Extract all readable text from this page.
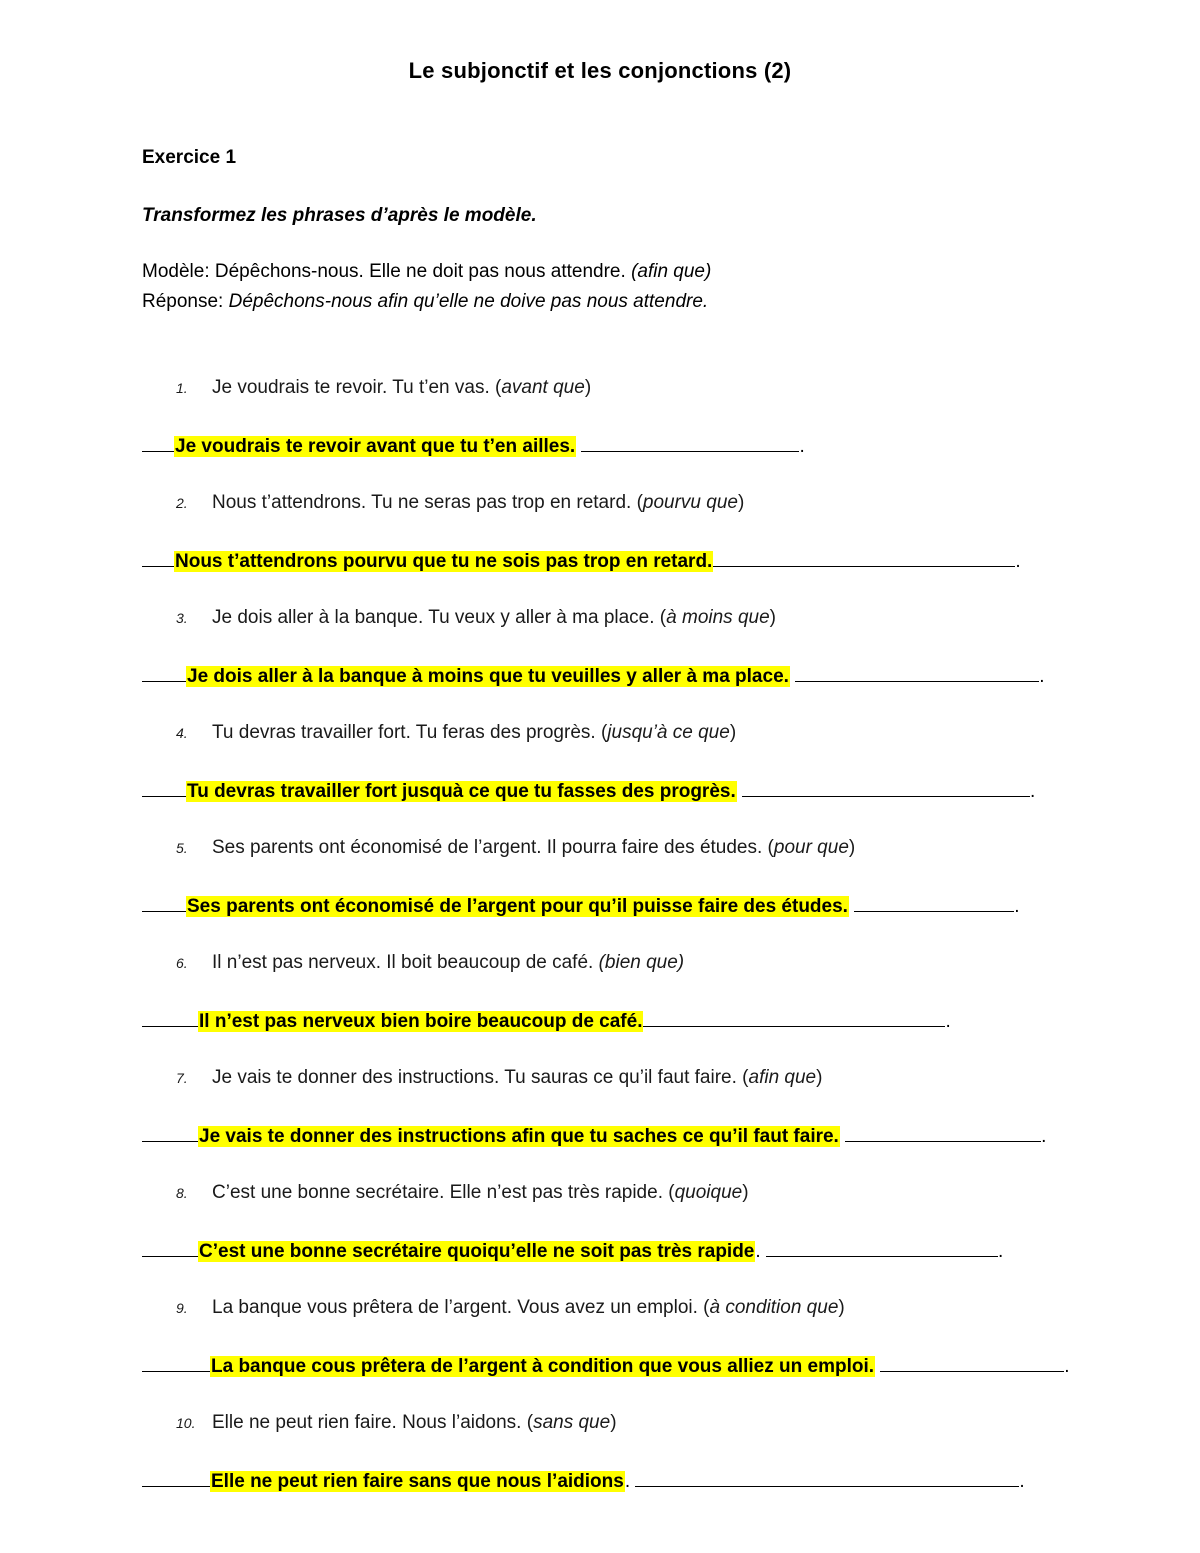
Le subjonctif et les conjonctions (2)
Exercice 1
Transformez les phrases d’après le modèle.
Modèle: Dépêchons-nous. Elle ne doit pas nous attendre. (afin que)
Réponse: Dépêchons-nous afin qu’elle ne doive pas nous attendre.
1. Je voudrais te revoir. Tu t’en vas. (avant que)
Je voudrais te revoir avant que tu t’en ailles.	.
2. Nous t’attendrons. Tu ne seras pas trop en retard. (pourvu que)
Nous t’attendrons pourvu que tu ne sois pas trop en retard.	.
3. Je dois aller à la banque. Tu veux y aller à ma place. (à moins que)
Je dois aller à la banque à moins que tu veuilles y aller à ma place.	.
4. Tu devras travailler fort. Tu feras des progrès. (jusqu’à ce que)
Tu devras travailler fort jusquà ce que tu fasses des progrès.	.
5. Ses parents ont économisé de l’argent. Il pourra faire des études. (pour que)
Ses parents ont économisé de l’argent pour qu’il puisse faire des études.	.
6. Il n’est pas nerveux. Il boit beaucoup de café. (bien que)
Il n’est pas nerveux bien boire beaucoup de café.	.
7. Je vais te donner des instructions. Tu sauras ce qu’il faut faire. (afin que)
Je vais te donner des instructions afin que tu saches ce qu’il faut faire.	.
8. C’est une bonne secrétaire. Elle n’est pas très rapide. (quoique)
C’est une bonne secrétaire quoiqu’elle ne soit pas très rapide.	.
9. La banque vous prêtera de l’argent. Vous avez un emploi. (à condition que)
La banque cous prêtera de l’argent à condition que vous alliez un emploi.	.
10. Elle ne peut rien faire. Nous l’aidons. (sans que)
Elle ne peut rien faire sans que nous l’aidions.	.
